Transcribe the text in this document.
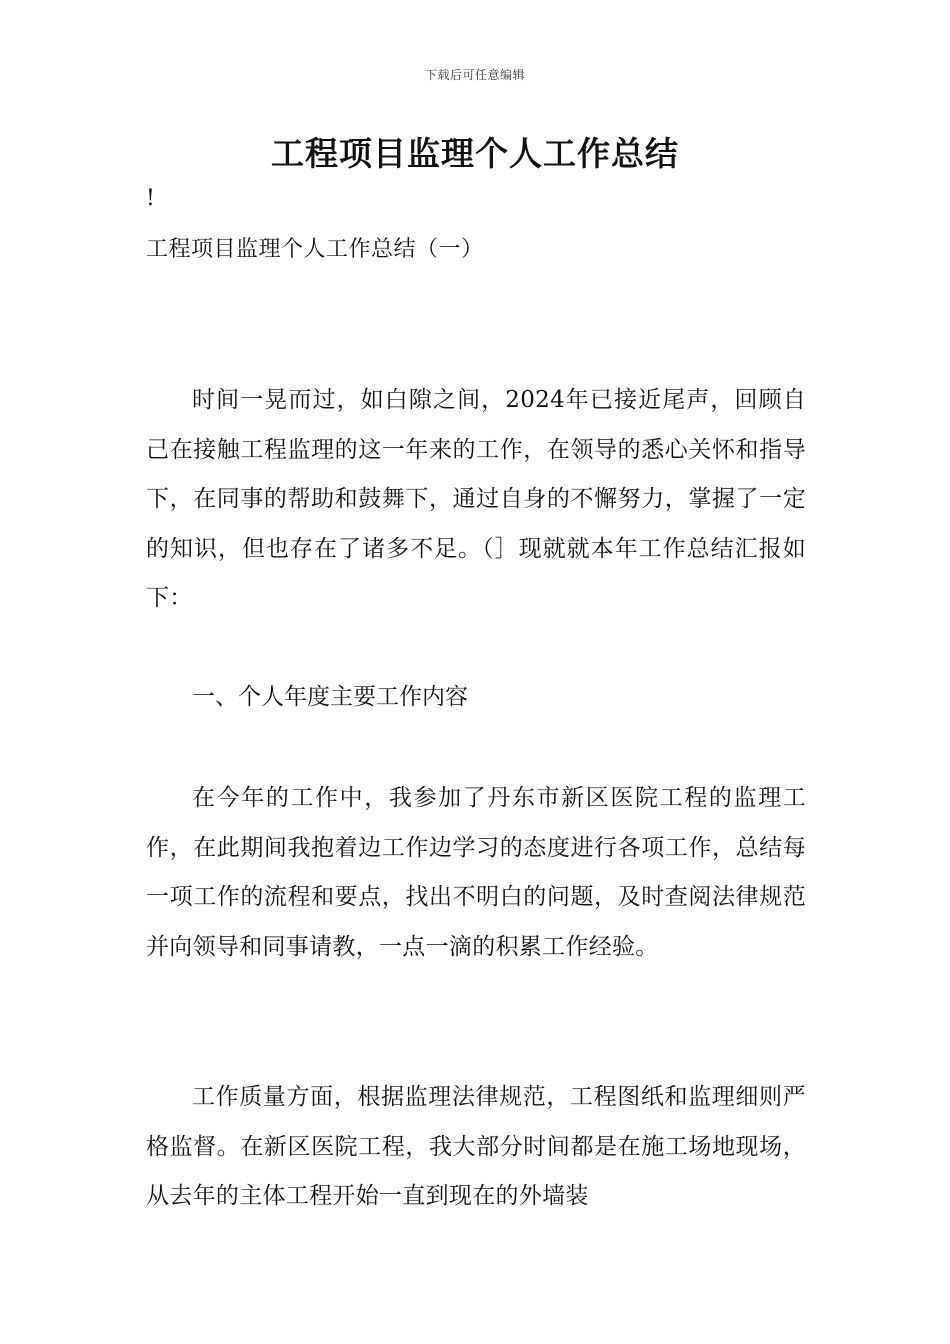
下载后可任意编辑
工程项目监理个人工作总结
!
工程项目监理个人工作总结（一）
时间一晃而过，如白隙之间，2024年已接近尾声，回顾自己在接触工程监理的这一年来的工作，在领导的悉心关怀和指导下，在同事的帮助和鼓舞下，通过自身的不懈努力，掌握了一定的知识，但也存在了诸多不足。（］现就就本年工作总结汇报如下：
一、个人年度主要工作内容
在今年的工作中，我参加了丹东市新区医院工程的监理工作，在此期间我抱着边工作边学习的态度进行各项工作，总结每一项工作的流程和要点，找出不明白的问题，及时查阅法律规范并向领导和同事请教，一点一滴的积累工作经验。
工作质量方面，根据监理法律规范，工程图纸和监理细则严格监督。在新区医院工程，我大部分时间都是在施工场地现场，从去年的主体工程开始一直到现在的外墙装
